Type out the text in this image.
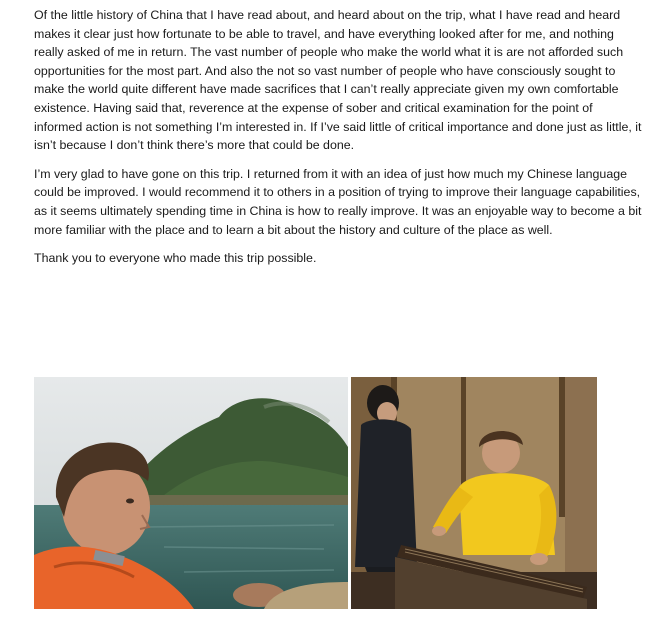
Of the little history of China that I have read about, and heard about on the trip, what I have read and heard makes it clear just how fortunate to be able to travel, and have everything looked after for me, and nothing really asked of me in return. The vast number of people who make the world what it is are not afforded such opportunities for the most part. And also the not so vast number of people who have consciously sought to make the world quite different have made sacrifices that I can’t really appreciate given my own comfortable existence. Having said that, reverence at the expense of sober and critical examination for the point of informed action is not something I’m interested in. If I’ve said little of critical importance and done just as little, it isn’t because I don’t think there’s more that could be done.

I’m very glad to have gone on this trip. I returned from it with an idea of just how much my Chinese language could be improved. I would recommend it to others in a position of trying to improve their language capabilities, as it seems ultimately spending time in China is how to really improve. It was an enjoyable way to become a bit more familiar with the place and to learn a bit about the history and culture of the place as well.

Thank you to everyone who made this trip possible.
